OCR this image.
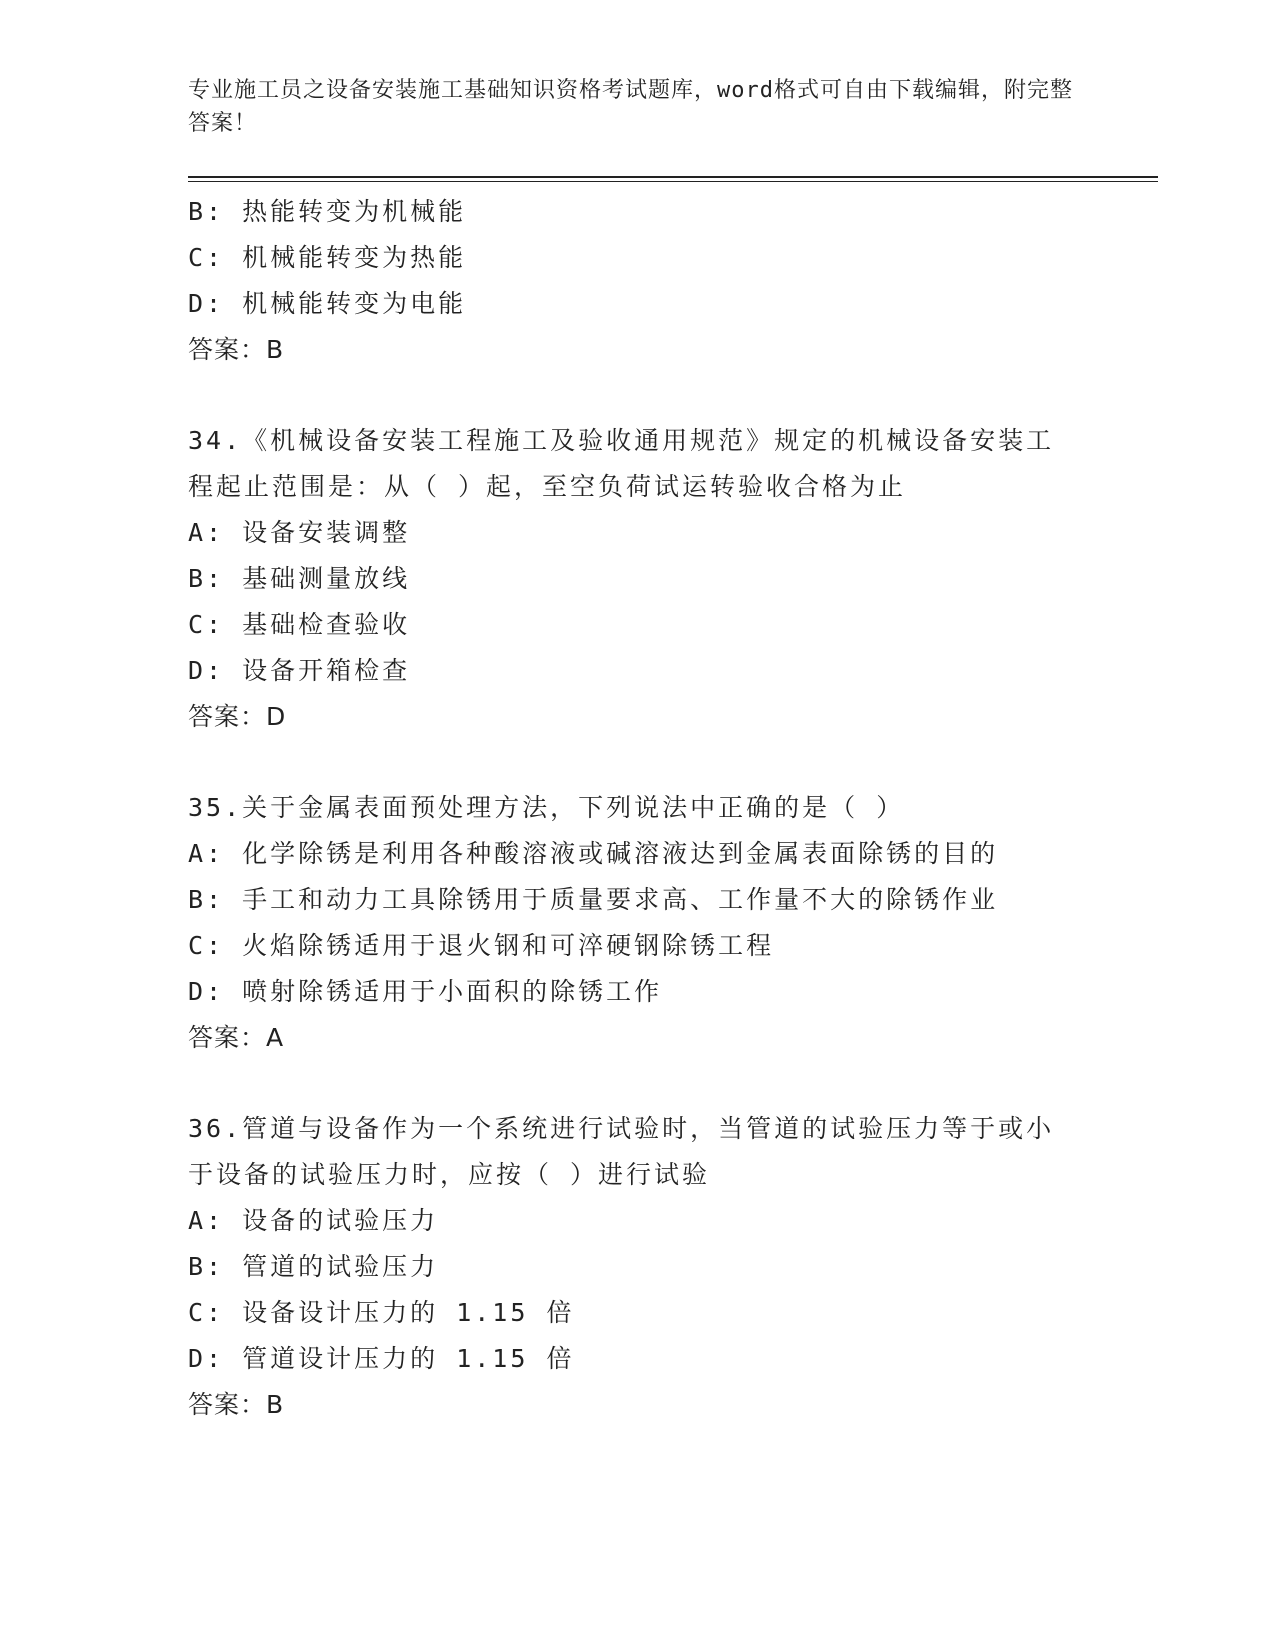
专业施工员之设备安装施工基础知识资格考试题库，word格式可自由下载编辑，附完整答案！
B: 热能转变为机械能
C: 机械能转变为热能
D: 机械能转变为电能
答案：B
34.《机械设备安装工程施工及验收通用规范》规定的机械设备安装工
程起止范围是：从（ ）起，至空负荷试运转验收合格为止
A: 设备安装调整
B: 基础测量放线
C: 基础检查验收
D: 设备开箱检查
答案：D
35.关于金属表面预处理方法，下列说法中正确的是（ ）
A: 化学除锈是利用各种酸溶液或碱溶液达到金属表面除锈的目的
B: 手工和动力工具除锈用于质量要求高、工作量不大的除锈作业
C: 火焰除锈适用于退火钢和可淬硬钢除锈工程
D: 喷射除锈适用于小面积的除锈工作
答案：A
36.管道与设备作为一个系统进行试验时，当管道的试验压力等于或小
于设备的试验压力时，应按（ ）进行试验
A: 设备的试验压力
B: 管道的试验压力
C: 设备设计压力的 1.15 倍
D: 管道设计压力的 1.15 倍
答案：B
